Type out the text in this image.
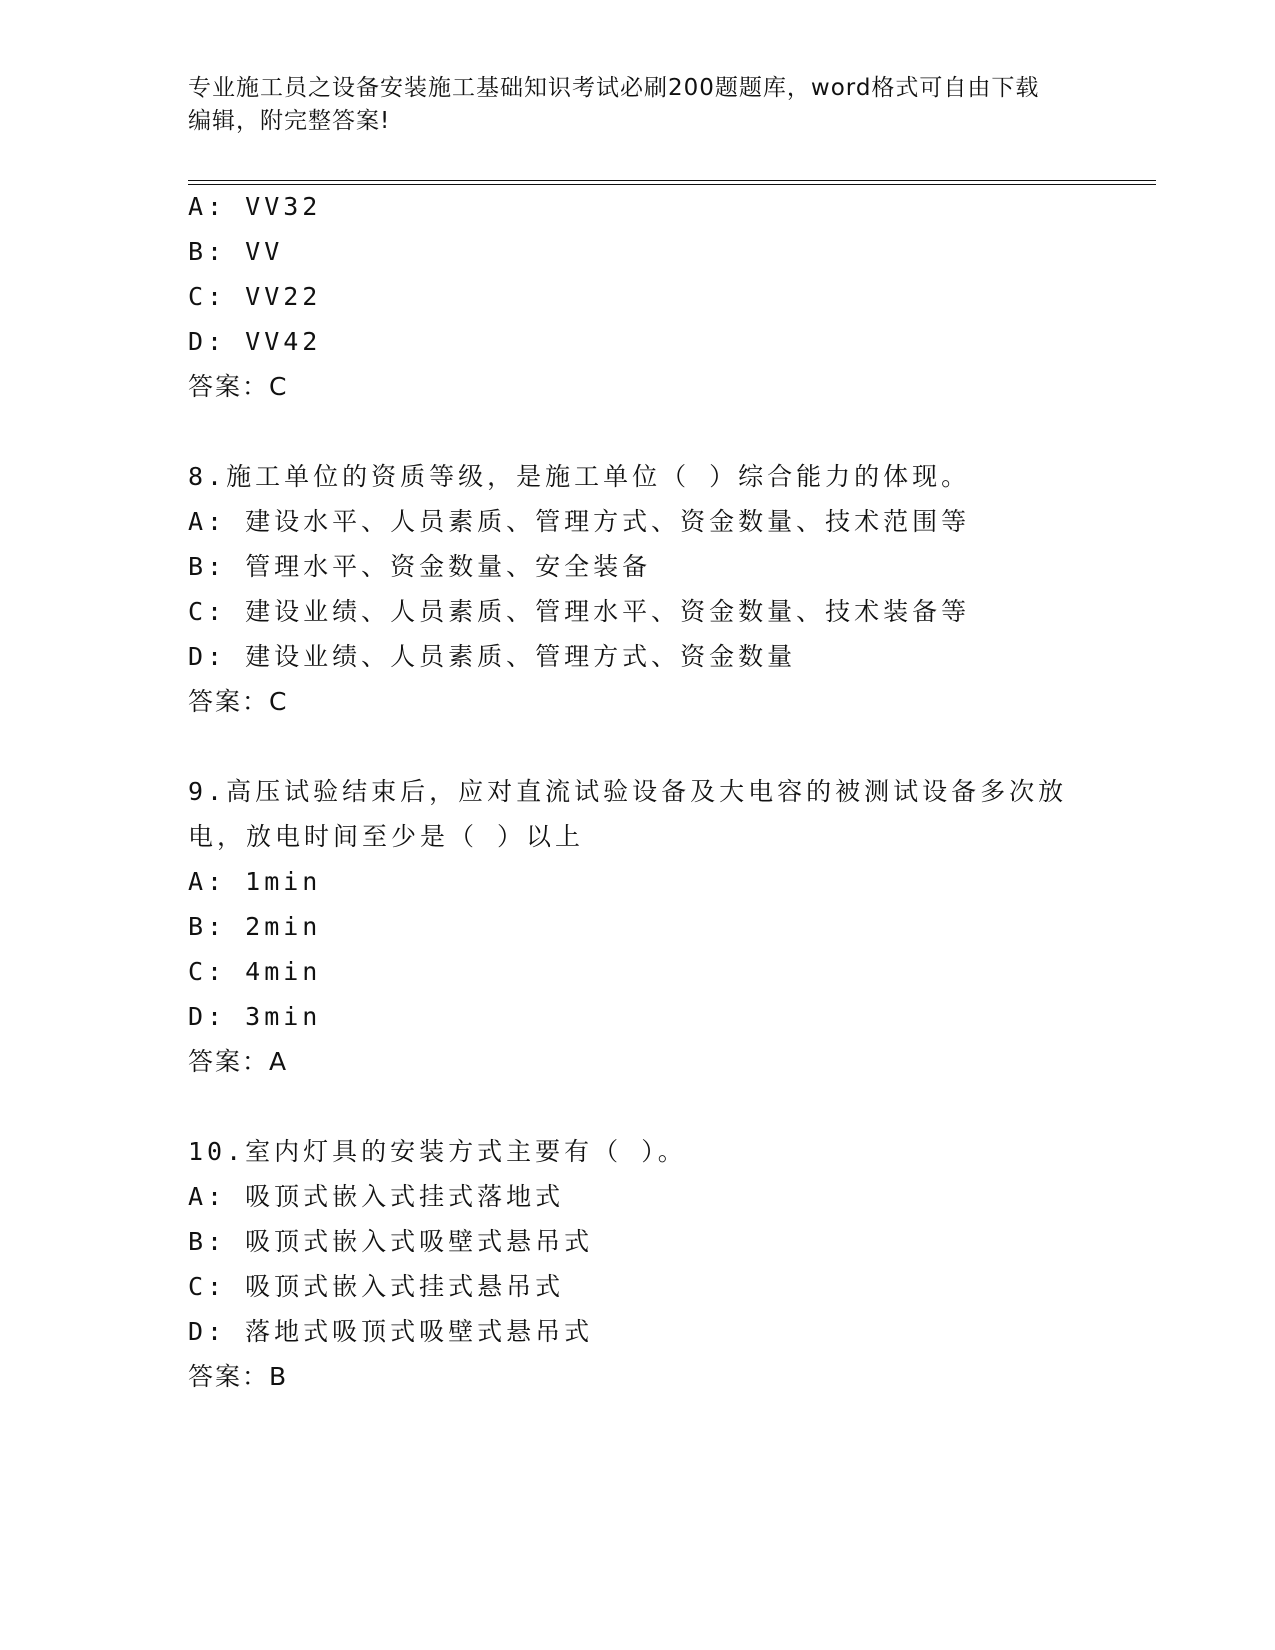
专业施工员之设备安装施工基础知识考试必刷200题题库，word格式可自由下载
编辑，附完整答案!
A: VV32
B: VV
C: VV22
D: VV42
答案：C
8.施工单位的资质等级，是施工单位（ ）综合能力的体现。
A: 建设水平、人员素质、管理方式、资金数量、技术范围等
B: 管理水平、资金数量、安全装备
C: 建设业绩、人员素质、管理水平、资金数量、技术装备等
D: 建设业绩、人员素质、管理方式、资金数量
答案：C
9.高压试验结束后，应对直流试验设备及大电容的被测试设备多次放
电，放电时间至少是（ ）以上
A: 1min
B: 2min
C: 4min
D: 3min
答案：A
10.室内灯具的安装方式主要有（ ）。
A: 吸顶式嵌入式挂式落地式
B: 吸顶式嵌入式吸壁式悬吊式
C: 吸顶式嵌入式挂式悬吊式
D: 落地式吸顶式吸壁式悬吊式
答案：B
